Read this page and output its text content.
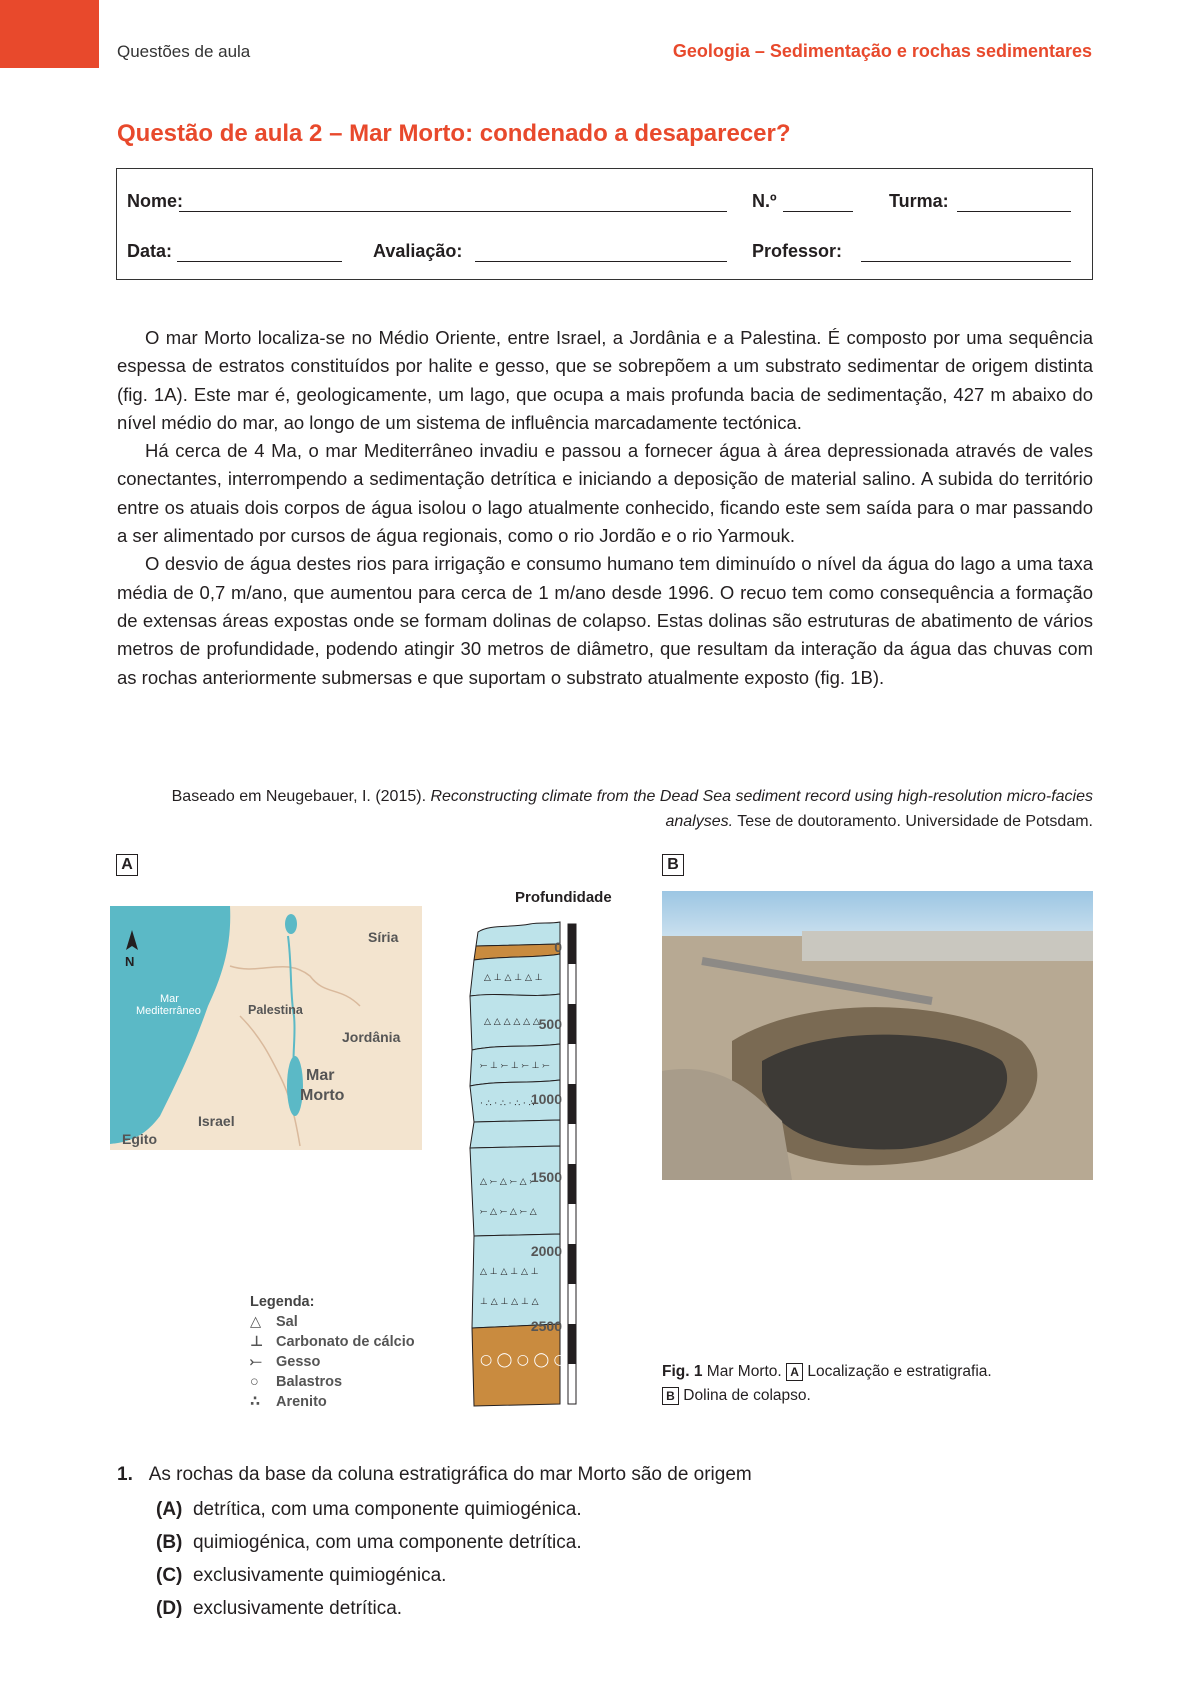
Questões de aula	Geologia – Sedimentação e rochas sedimentares
Questão de aula 2 – Mar Morto: condenado a desaparecer?
Nome:	N.º	Turma:
Data:	Avaliação:	Professor:

O mar Morto localiza-se no Médio Oriente, entre Israel, a Jordânia e a Palestina. É composto por uma sequência espessa de estratos constituídos por halite e gesso, que se sobrepõem a um substrato sedimentar de origem distinta (fig. 1A). Este mar é, geologicamente, um lago, que ocupa a mais profunda bacia de sedimentação, 427 m abaixo do nível médio do mar, ao longo de um sistema de influência marcadamente tectónica.

Há cerca de 4 Ma, o mar Mediterrâneo invadiu e passou a fornecer água à área depressionada através de vales conectantes, interrompendo a sedimentação detrítica e iniciando a deposição de material salino. A subida do território entre os atuais dois corpos de água isolou o lago atualmente conhecido, ficando este sem saída para o mar passando a ser alimentado por cursos de água regionais, como o rio Jordão e o rio Yarmouk.

O desvio de água destes rios para irrigação e consumo humano tem diminuído o nível da água do lago a uma taxa média de 0,7 m/ano, que aumentou para cerca de 1 m/ano desde 1996. O recuo tem como consequência a formação de extensas áreas expostas onde se formam dolinas de colapso. Estas dolinas são estruturas de abatimento de vários metros de profundidade, podendo atingir 30 metros de diâmetro, que resultam da interação da água das chuvas com as rochas anteriormente submersas e que suportam o substrato atualmente exposto (fig. 1B).

Baseado em Neugebauer, I. (2015). Reconstructing climate from the Dead Sea sediment record using high-resolution micro-facies analyses. Tese de doutoramento. Universidade de Potsdam.
A	B
N
Síria
Mar
Mediterrâneo	Palestina
Jordânia
Mar
Morto
Israel
Egito
Profundidade
△ ⊥ △ ⊥ △ ⊥
△ △ △ △ △ △
⤚ ⊥ ⤚ ⊥ ⤚ ⊥ ⤚
· ∴ · ∴ · ∴ · ∴
△ ⤚ △ ⤚ △ ⤚
⤚ △ ⤚ △ ⤚ △
△ ⊥ △ ⊥ △ ⊥
⊥ △ ⊥ △ ⊥ △
○ ◯ ○ ◯ ○
0
500
1000
1500
2000
2500
Legenda:
△ Sal
⊥ Carbonato de cálcio
⤚ Gesso
○ Balastros
∴ Arenito
Fig. 1 Mar Morto. A Localização e estratigrafia.
B Dolina de colapso.
1. As rochas da base da coluna estratigráfica do mar Morto são de origem
(A) detrítica, com uma componente quimiogénica.
(B) quimiogénica, com uma componente detrítica.
(C) exclusivamente quimiogénica.
(D) exclusivamente detrítica.
